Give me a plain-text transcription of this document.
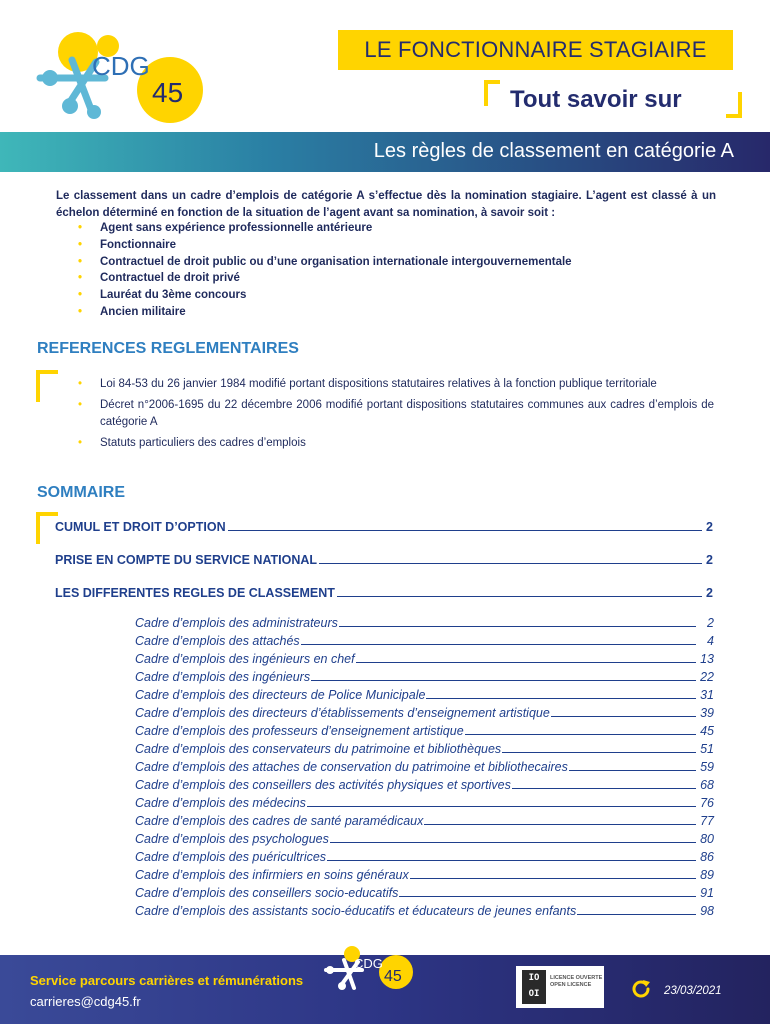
CDG
45
LE FONCTIONNAIRE STAGIAIRE
Tout savoir sur
Les règles de classement en catégorie A
Le classement dans un cadre d’emplois de catégorie A s’effectue dès la nomination stagiaire. L’agent est classé à un échelon déterminé en fonction de la situation de l’agent avant sa nomination, à savoir soit :
• Agent sans expérience professionnelle antérieure
• Fonctionnaire
• Contractuel de droit public ou d’une organisation internationale intergouvernementale
• Contractuel de droit privé
• Lauréat du 3ème concours
• Ancien militaire
REFERENCES REGLEMENTAIRES
• Loi 84-53 du 26 janvier 1984 modifié portant dispositions statutaires relatives à la fonction publique territoriale
• Décret n°2006-1695 du 22 décembre 2006 modifié portant dispositions statutaires communes aux cadres d’emplois de catégorie A
• Statuts particuliers des cadres d’emplois
SOMMAIRE
CUMUL ET DROIT D’OPTION	2
PRISE EN COMPTE DU SERVICE NATIONAL	2
LES DIFFERENTES REGLES DE CLASSEMENT	2
Cadre d’emplois des administrateurs	2
Cadre d’emplois des attachés	4
Cadre d’emplois des ingénieurs en chef	13
Cadre d’emplois des ingénieurs	22
Cadre d’emplois des directeurs de Police Municipale	31
Cadre d’emplois des directeurs d’établissements d’enseignement artistique	39
Cadre d’emplois des professeurs d’enseignement artistique	45
Cadre d’emplois des conservateurs du patrimoine et bibliothèques	51
Cadre d’emplois des attaches de conservation du patrimoine et bibliothecaires	59
Cadre d’emplois des conseillers des activités physiques et sportives	68
Cadre d’emplois des médecins	76
Cadre d’emplois des cadres de santé paramédicaux	77
Cadre d’emplois des psychologues	80
Cadre d’emplois des puéricultrices	86
Cadre d’emplois des infirmiers en soins généraux	89
Cadre d’emplois des conseillers socio-educatifs	91
Cadre d’emplois des assistants socio-éducatifs et éducateurs de jeunes enfants	98
Service parcours carrières et rémunérations
carrieres@cdg45.fr
CDG
45	IO OI
LICENCE OUVERTE
OPEN LICENCE	23/03/2021
